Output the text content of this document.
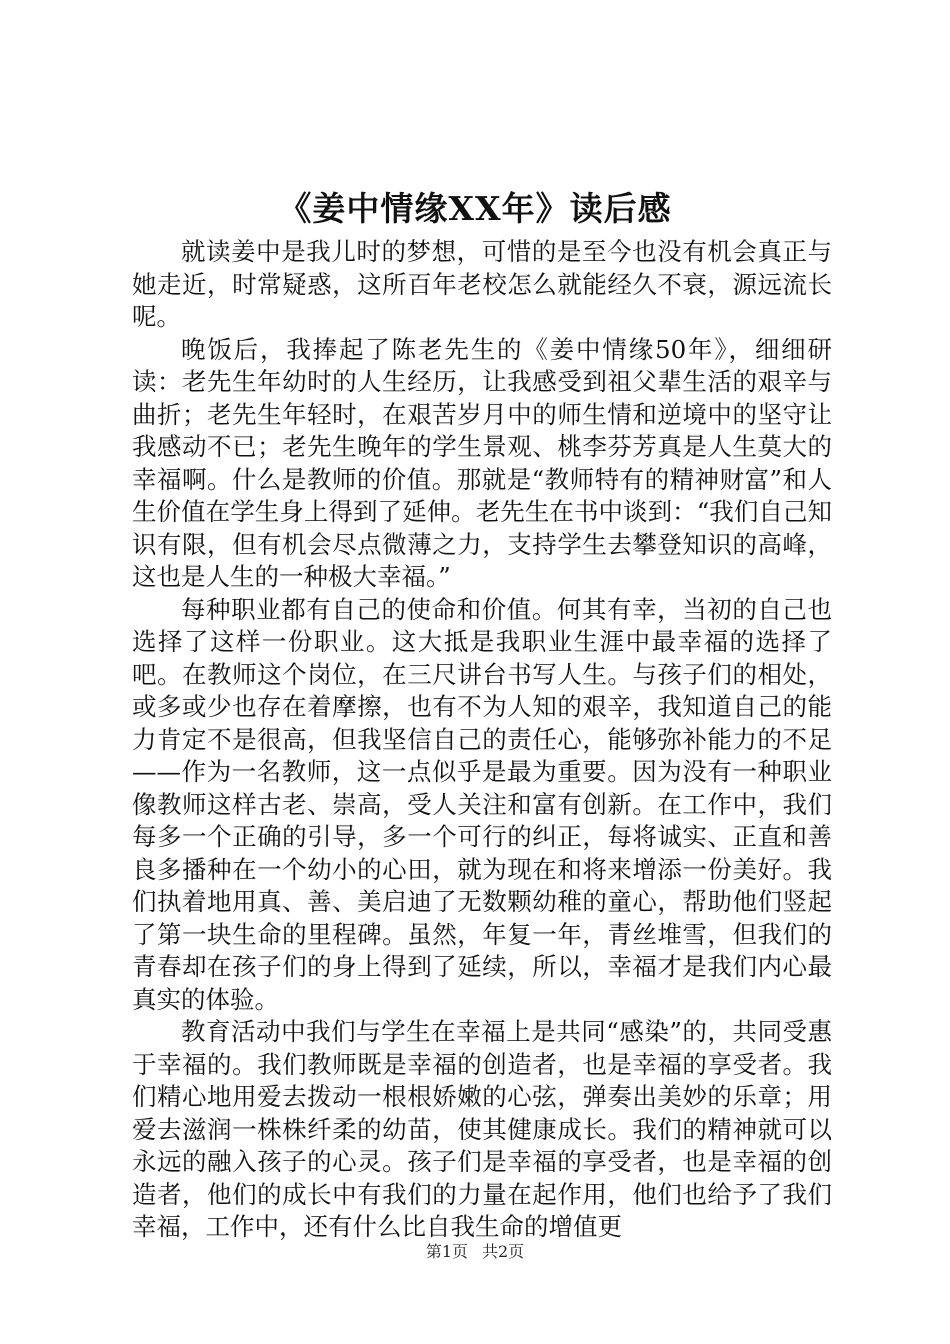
《姜中情缘XX年》读后感

就读姜中是我儿时的梦想，可惜的是至今也没有机会真正与她走近，时常疑惑，这所百年老校怎么就能经久不衰，源远流长呢。

晚饭后，我捧起了陈老先生的《姜中情缘50年》，细细研读：老先生年幼时的人生经历，让我感受到祖父辈生活的艰辛与曲折；老先生年轻时，在艰苦岁月中的师生情和逆境中的坚守让我感动不已；老先生晚年的学生景观、桃李芬芳真是人生莫大的幸福啊。什么是教师的价值。那就是“教师特有的精神财富”和人生价值在学生身上得到了延伸。老先生在书中谈到：“我们自己知识有限，但有机会尽点微薄之力，支持学生去攀登知识的高峰，这也是人生的一种极大幸福。”

每种职业都有自己的使命和价值。何其有幸，当初的自己也选择了这样一份职业。这大抵是我职业生涯中最幸福的选择了吧。在教师这个岗位，在三尺讲台书写人生。与孩子们的相处，或多或少也存在着摩擦，也有不为人知的艰辛，我知道自己的能力肯定不是很高，但我坚信自己的责任心，能够弥补能力的不足——作为一名教师，这一点似乎是最为重要。因为没有一种职业像教师这样古老、崇高，受人关注和富有创新。在工作中，我们每多一个正确的引导，多一个可行的纠正，每将诚实、正直和善良多播种在一个幼小的心田，就为现在和将来增添一份美好。我们执着地用真、善、美启迪了无数颗幼稚的童心，帮助他们竖起了第一块生命的里程碑。虽然，年复一年，青丝堆雪，但我们的青春却在孩子们的身上得到了延续，所以，幸福才是我们内心最真实的体验。

教育活动中我们与学生在幸福上是共同“感染”的，共同受惠于幸福的。我们教师既是幸福的创造者，也是幸福的享受者。我们精心地用爱去拨动一根根娇嫩的心弦，弹奏出美妙的乐章；用爱去滋润一株株纤柔的幼苗，使其健康成长。我们的精神就可以永远的融入孩子的心灵。孩子们是幸福的享受者，也是幸福的创造者，他们的成长中有我们的力量在起作用，他们也给予了我们幸福，工作中，还有什么比自我生命的增值更

第1页 共2页
